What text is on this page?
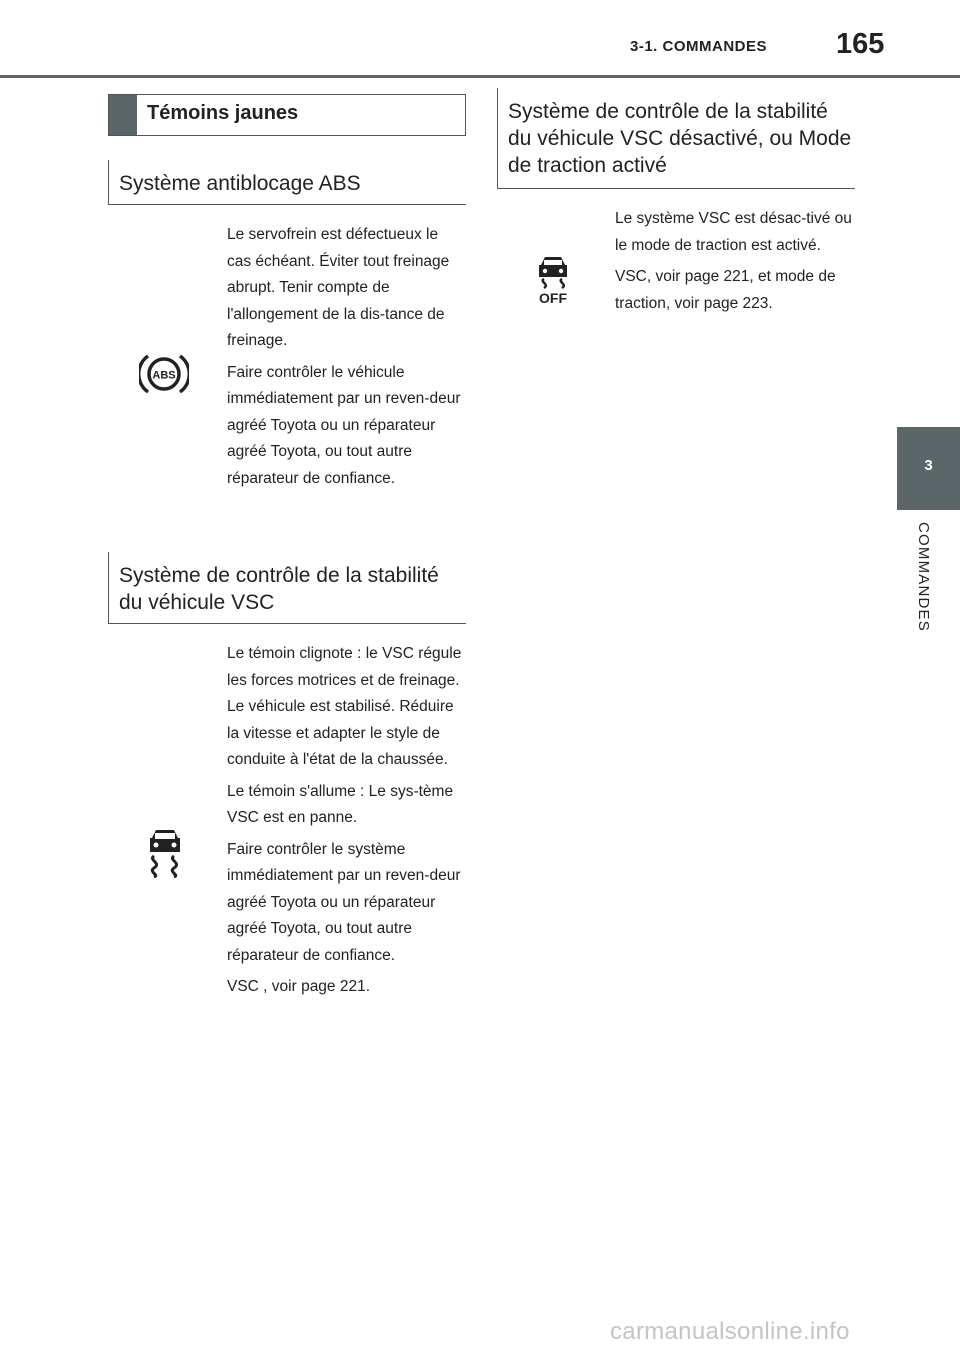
3-1. COMMANDES 165
3
COMMANDES
Témoins jaunes
Système antiblocage ABS
ABS

Le servofrein est défectueux le cas échéant. Éviter tout freinage abrupt. Tenir compte de l'allongement de la dis-tance de freinage.

Faire contrôler le véhicule immédiatement par un reven-deur agréé Toyota ou un réparateur agréé Toyota, ou tout autre réparateur de confiance.

Système de contrôle de la stabilité du véhicule VSC

Le témoin clignote : le VSC régule les forces motrices et de freinage. Le véhicule est stabilisé. Réduire la vitesse et adapter le style de conduite à l'état de la chaussée.

Le témoin s'allume : Le sys-tème VSC est en panne.

Faire contrôler le système immédiatement par un reven-deur agréé Toyota ou un réparateur agréé Toyota, ou tout autre réparateur de confiance.

VSC , voir page 221.

Système de contrôle de la stabilité du véhicule VSC désactivé, ou Mode de traction activé
OFF

Le système VSC est désac-tivé ou le mode de traction est activé.

VSC, voir page 221, et mode de traction, voir page 223.

carmanualsonline.info
